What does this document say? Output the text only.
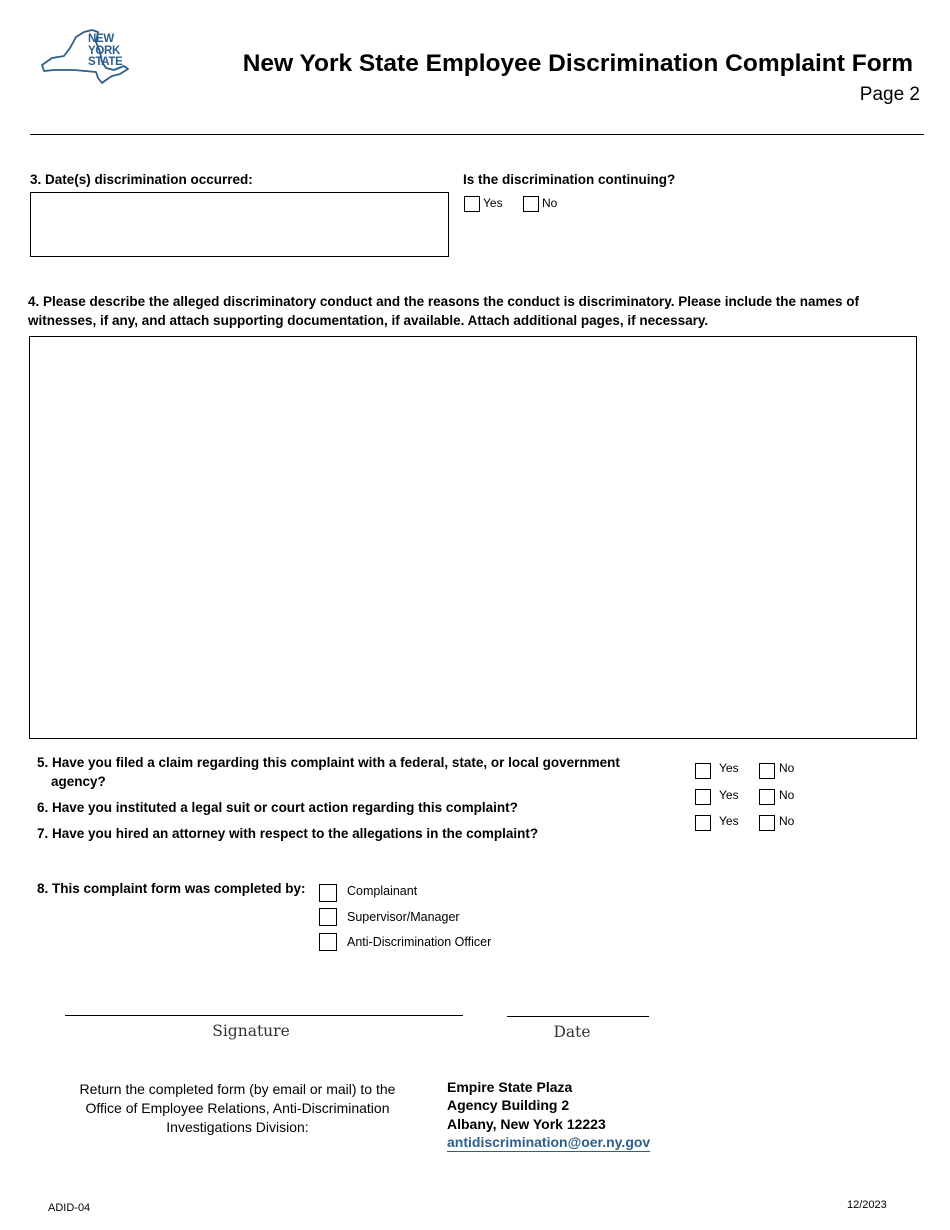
NEW
YORK
STATE	New York State Employee Discrimination Complaint Form
Page 2
3. Date(s) discrimination occurred:	Is the discrimination continuing?
Yes	No
4. Please describe the alleged discriminatory conduct and the reasons the conduct is discriminatory. Please include the names of witnesses, if any, and attach supporting documentation, if available. Attach additional pages, if necessary.
5. Have you filed a claim regarding this complaint with a federal, state, or local government
agency?
Yes	No
6. Have you instituted a legal suit or court action regarding this complaint?
Yes	No
7. Have you hired an attorney with respect to the allegations in the complaint?
Yes	No
8. This complaint form was completed by:	Complainant
Supervisor/Manager
Anti-Discrimination Officer
Signature	Date
Return the completed form (by email or mail) to the Office of Employee Relations, Anti-Discrimination Investigations Division:
Empire State Plaza
Agency Building 2
Albany, New York 12223
antidiscrimination@oer.ny.gov
ADID-04	12/2023
